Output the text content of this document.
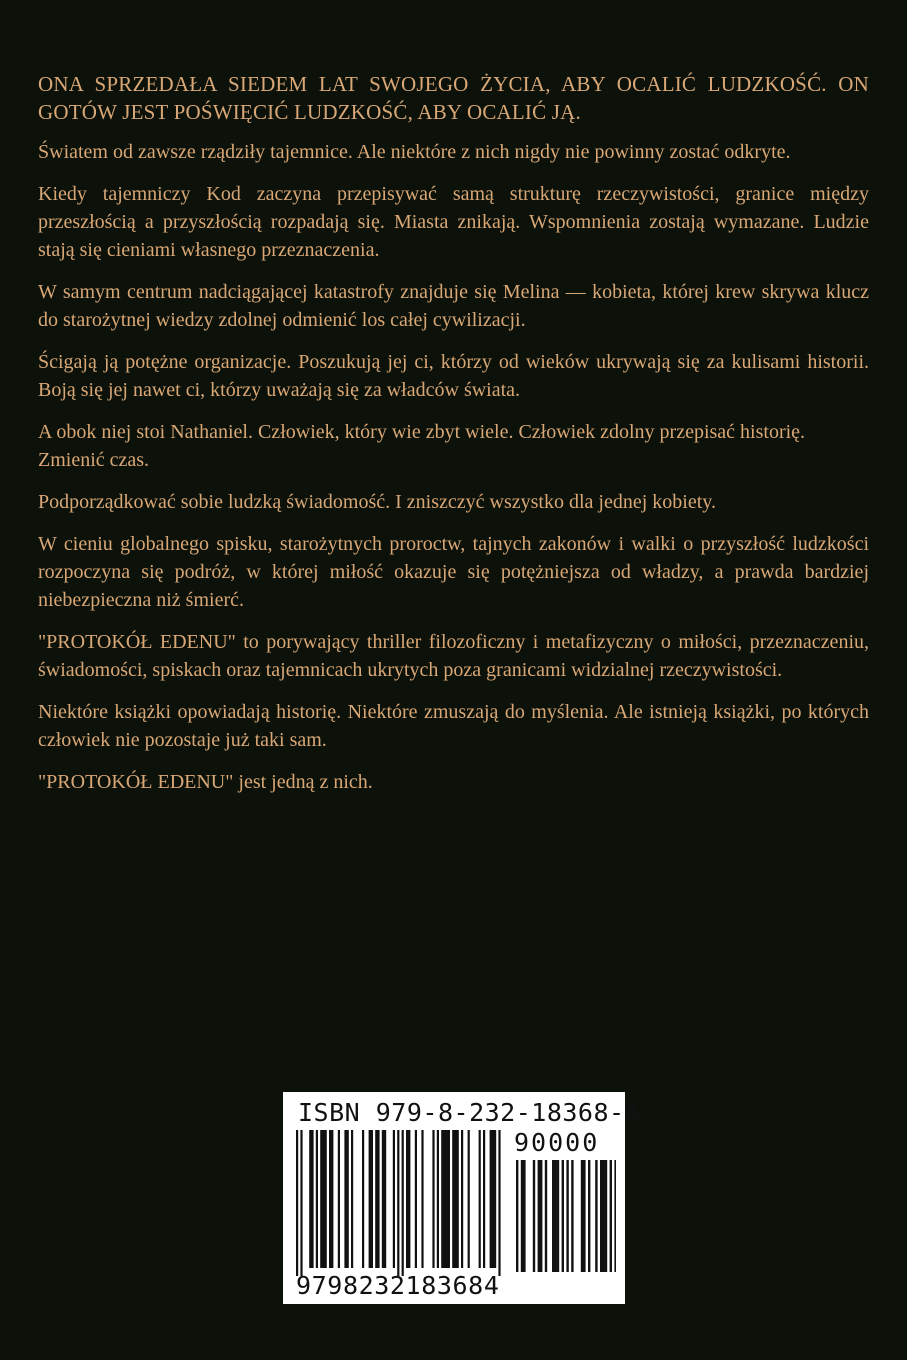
ONA SPRZEDAŁA SIEDEM LAT SWOJEGO ŻYCIA, ABY OCALIĆ LUDZKOŚĆ. ON GOTÓW JEST POŚWIĘCIĆ LUDZKOŚĆ, ABY OCALIĆ JĄ.

Światem od zawsze rządziły tajemnice. Ale niektóre z nich nigdy nie powinny zostać odkryte.

Kiedy tajemniczy Kod zaczyna przepisywać samą strukturę rzeczywistości, granice między przeszłością a przyszłością rozpadają się. Miasta znikają. Wspomnienia zostają wymazane. Ludzie stają się cieniami własnego przeznaczenia.

W samym centrum nadciągającej katastrofy znajduje się Melina — kobieta, której krew skrywa klucz do starożytnej wiedzy zdolnej odmienić los całej cywilizacji.

Ścigają ją potężne organizacje. Poszukują jej ci, którzy od wieków ukrywają się za kulisami historii. Boją się jej nawet ci, którzy uważają się za władców świata.

A obok niej stoi Nathaniel. Człowiek, który wie zbyt wiele. Człowiek zdolny przepisać historię. Zmienić czas.

Podporządkować sobie ludzką świadomość. I zniszczyć wszystko dla jednej kobiety.

W cieniu globalnego spisku, starożytnych proroctw, tajnych zakonów i walki o przyszłość ludzkości rozpoczyna się podróż, w której miłość okazuje się potężniejsza od władzy, a prawda bardziej niebezpieczna niż śmierć.

"PROTOKÓŁ EDENU" to porywający thriller filozoficzny i metafizyczny o miłości, przeznaczeniu, świadomości, spiskach oraz tajemnicach ukrytych poza granicami widzialnej rzeczywistości.

Niektóre książki opowiadają historię. Niektóre zmuszają do myślenia. Ale istnieją książki, po których człowiek nie pozostaje już taki sam.

"PROTOKÓŁ EDENU" jest jedną z nich.

ISBN 979-8-232-18368-4
90000
9798232183684
